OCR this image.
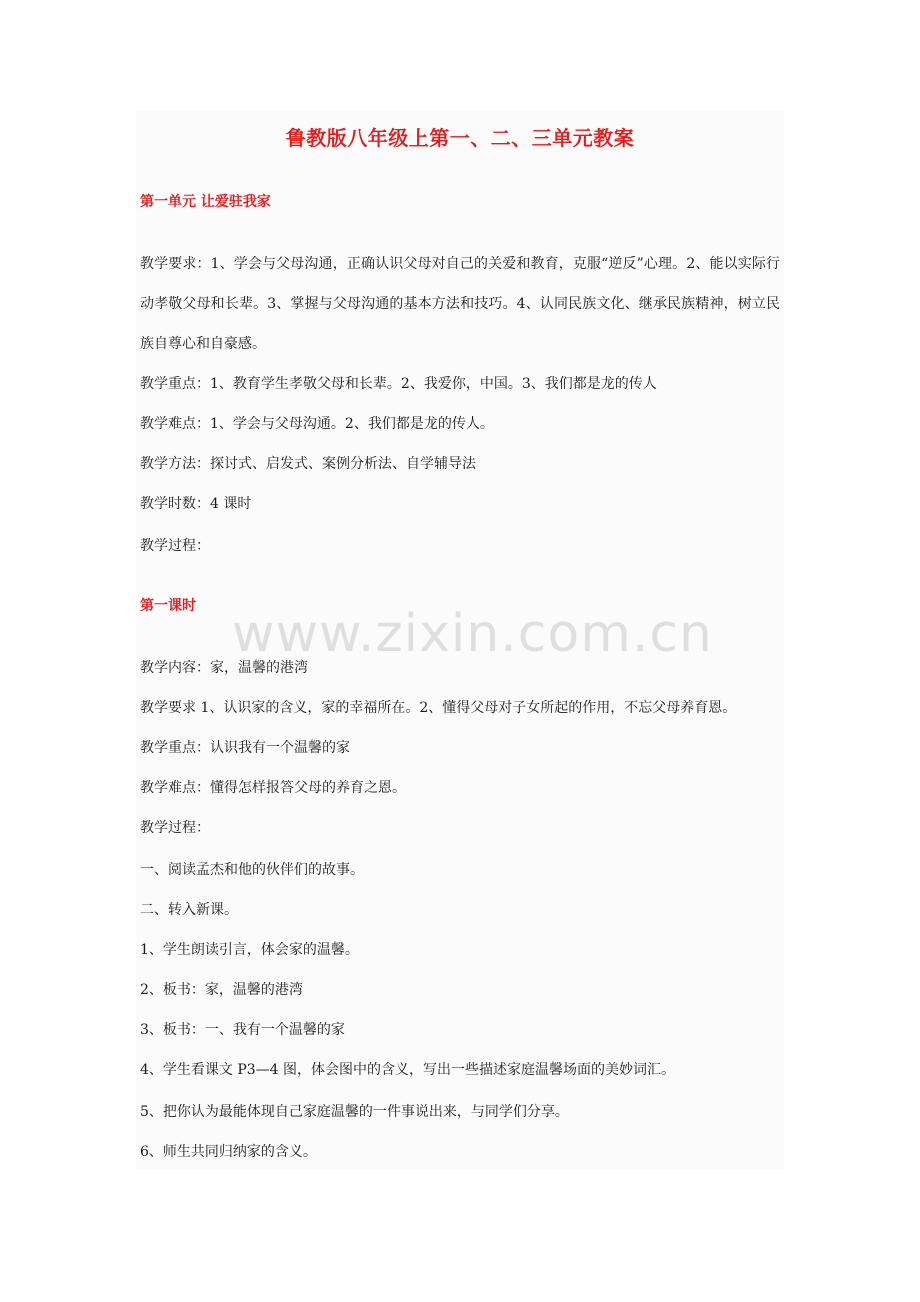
鲁教版八年级上第一、二、三单元教案
第一单元 让爱驻我家
教学要求：1、学会与父母沟通，正确认识父母对自己的关爱和教育，克服“逆反”心理。2、能以实际行动孝敬父母和长辈。3、掌握与父母沟通的基本方法和技巧。4、认同民族文化、继承民族精神，树立民族自尊心和自豪感。
教学重点：1、教育学生孝敬父母和长辈。2、我爱你，中国。3、我们都是龙的传人
教学难点：1、学会与父母沟通。2、我们都是龙的传人。
教学方法：探讨式、启发式、案例分析法、自学辅导法
教学时数：4 课时
教学过程：
第一课时
教学内容：家，温馨的港湾
教学要求 1、认识家的含义，家的幸福所在。2、懂得父母对子女所起的作用，不忘父母养育恩。
教学重点：认识我有一个温馨的家
教学难点：懂得怎样报答父母的养育之恩。
教学过程：
一、阅读孟杰和他的伙伴们的故事。
二、转入新课。
1、学生朗读引言，体会家的温馨。
2、板书：家，温馨的港湾
3、板书：一、我有一个温馨的家
4、学生看课文 P3—4 图，体会图中的含义，写出一些描述家庭温馨场面的美妙词汇。
5、把你认为最能体现自己家庭温馨的一件事说出来，与同学们分享。
6、师生共同归纳家的含义。
www.zixin.com.cn
